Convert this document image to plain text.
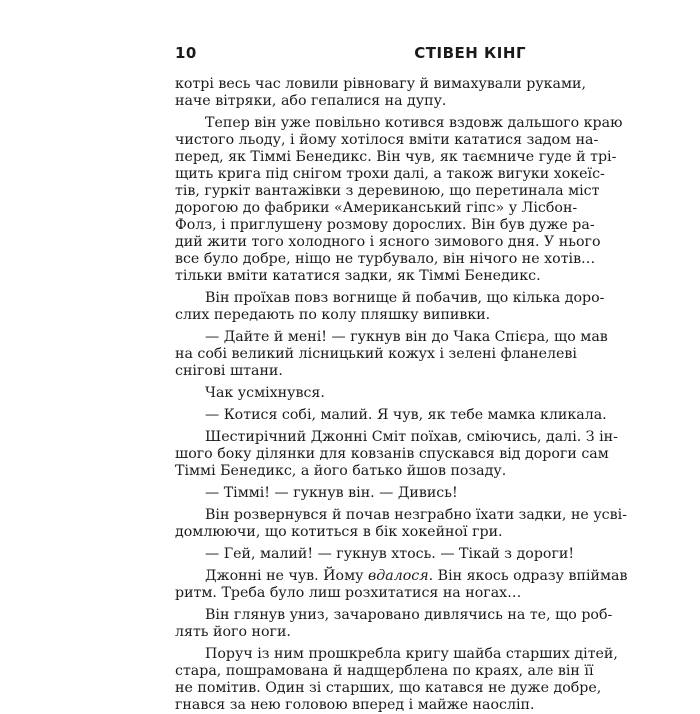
10	СТІВЕН КІНГ
котрі весь час ловили рівновагу й вимахували руками,
наче вітряки, або гепалися на дупу.
Тепер він уже повільно котився вздовж дальшого краю
чистого льоду, і йому хотілося вміти кататися задом на-
перед, як Тіммі Бенедикс. Він чув, як таємниче гуде й трі-
щить крига під снігом трохи далі, а також вигуки хокеїс-
тів, гуркіт вантажівки з деревиною, що перетинала міст
дорогою до фабрики «Американський гіпс» у Лісбон-
Фолз, і приглушену розмову дорослих. Він був дуже ра-
дий жити того холодного і ясного зимового дня. У нього
все було добре, ніщо не турбувало, він нічого не хотів…
тільки вміти кататися задки, як Тіммі Бенедикс.
Він проїхав повз вогнище й побачив, що кілька доро-
слих передають по колу пляшку випивки.
— Дайте й мені! — гукнув він до Чака Спієра, що мав
на собі великий лісницький кожух і зелені фланелеві
снігові штани.
Чак усміхнувся.
— Котися собі, малий. Я чув, як тебе мамка кликала.
Шестирічний Джонні Сміт поїхав, сміючись, далі. З ін-
шого боку ділянки для ковзанів спускався від дороги сам
Тіммі Бенедикс, а його батько йшов позаду.
— Тіммі! — гукнув він. — Дивись!
Він розвернувся й почав незграбно їхати задки, не усві-
домлюючи, що котиться в бік хокейної гри.
— Гей, малий! — гукнув хтось. — Тікай з дороги!
Джонні не чув. Йому вдалося. Він якось одразу впіймав
ритм. Треба було лиш розхитатися на ногах…
Він глянув униз, зачаровано дивлячись на те, що роб-
лять його ноги.
Поруч із ним прошкребла кригу шайба старших дітей,
стара, пошрамована й надщерблена по краях, але він її
не помітив. Один зі старших, що катався не дуже добре,
гнався за нею головою вперед і майже наосліп.
